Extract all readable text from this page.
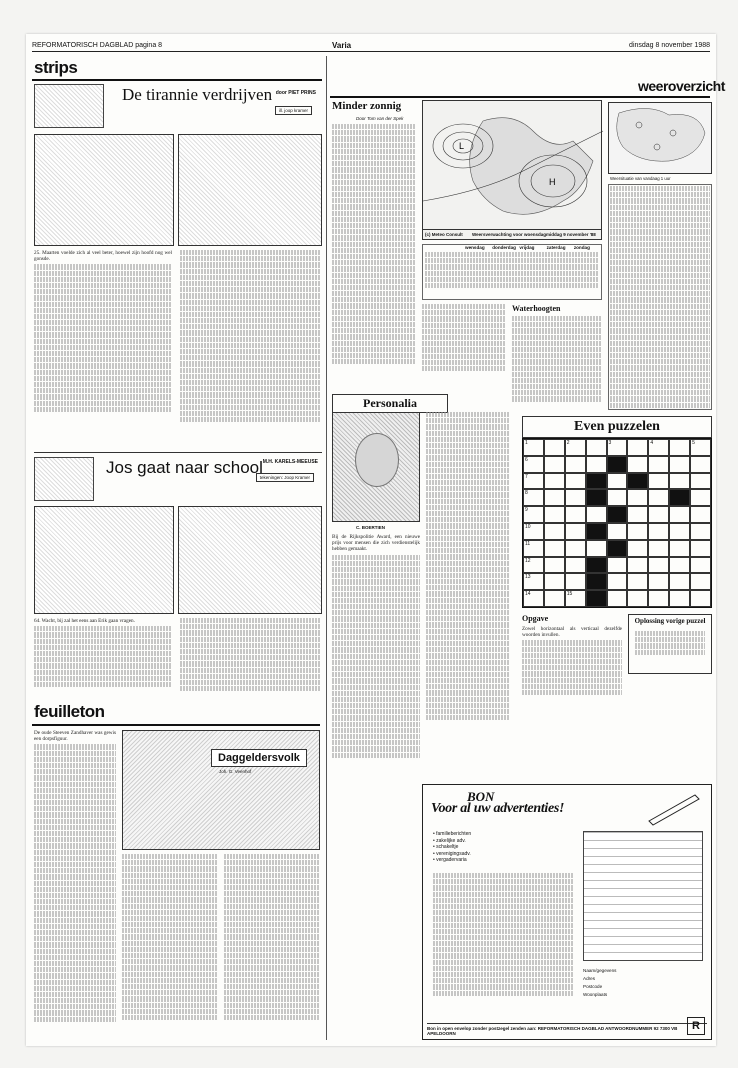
REFORMATORISCH DAGBLAD pagina 8	Varia	dinsdag 8 november 1988
strips
De tirannie verdrijven door PIET PRINS
ill. joop kramer
25. Maarten voelde zich al veel beter, hoewel zijn hoofd nog wel gonsde.
Jos gaat naar school M.H. KARELS-MEEUSE
tekeningen: Joop Kramer
64. Wacht, bij zal het eens aan Erik gaan vragen.
feuilleton
De oude Steeven Zandhaver was gewis een dorpsfiguur.
Daggeldersvolk
Joh. G. Veenhof
weeroverzicht
Minder zonnig
Door Tom van der Spek
L
H
(c) Meteo Consult Weersverwachting voor woensdagmiddag 9 november '88
wensdag	donderdag vrijdag	zaterdag	zondag
Weersituatie van vandaag 1 uur
Waterhoogten
Personalia
C. BOERTIEN
Bij de Rijkspolitie Award, een nieuwe prijs voor mensen die zich verdienstelijk hebben gemaakt.
Even puzzelen
1	2	3	4	5
6
7
8
9
10
11
12
13
14	15
Opgave
Zowel horizontaal als verticaal dezelfde woorden invullen.
Oplossing vorige puzzel
BON
Voor al uw advertenties!
• familieberichten
• zakelijke adv.
• schakeltje
• verenigingsadv.
• vergadervaria
Naam/gegevens
Adres
Postcode
Woonplaats
Bon in open envelop zonder postzegel zenden aan: REFORMATORISCH DAGBLAD ANTWOORDNUMMER 92 7300 VB APELDOORN
R
